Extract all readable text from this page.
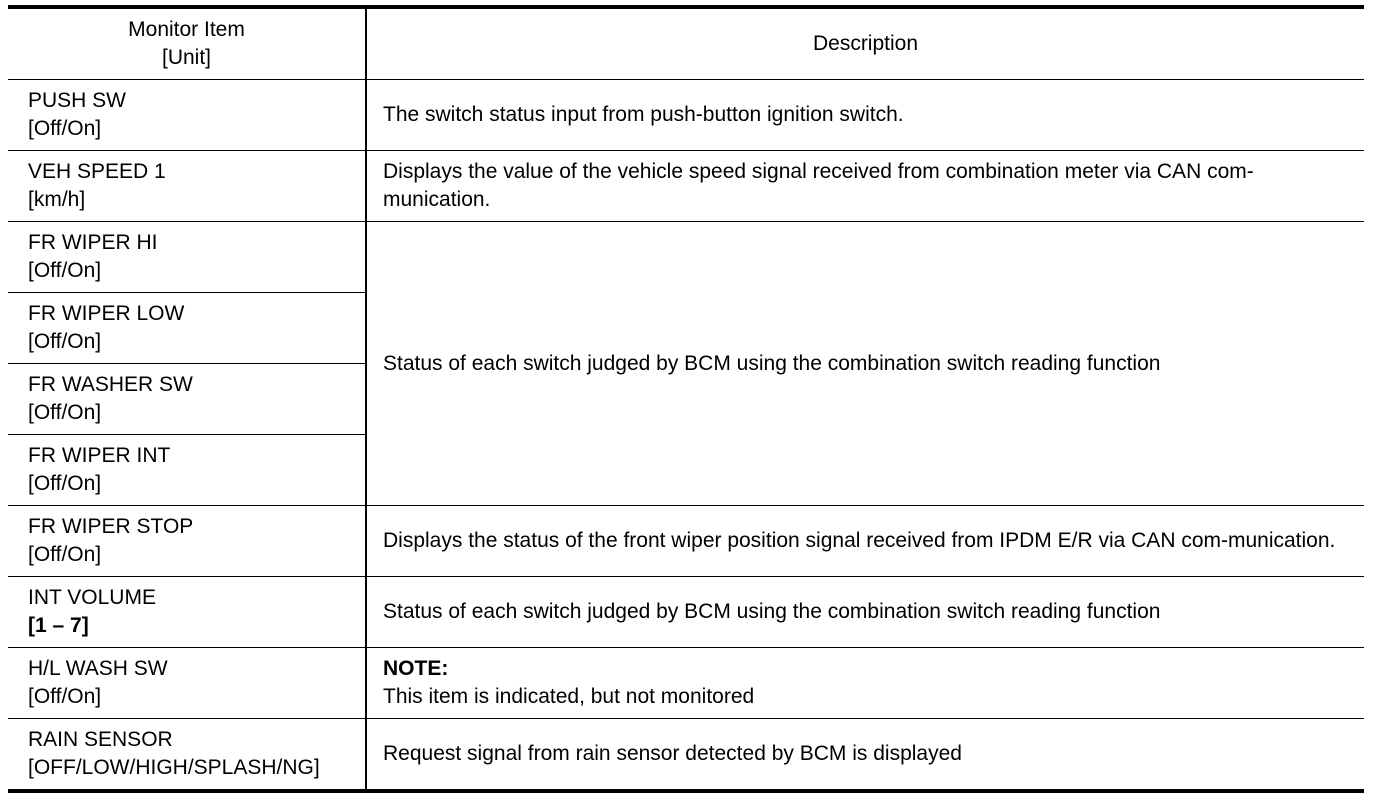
Monitor Item
[Unit]	Description

PUSH SW
[Off/On]	The switch status input from push-button ignition switch.

VEH SPEED 1
[km/h]	Displays the value of the vehicle speed signal received from combination meter via CAN com-munication.

FR WIPER HI
[Off/On]	Status of each switch judged by BCM using the combination switch reading function

FR WIPER LOW
[Off/On]	

FR WASHER SW
[Off/On]	

FR WIPER INT
[Off/On]	

FR WIPER STOP
[Off/On]	Displays the status of the front wiper position signal received from IPDM E/R via CAN com-munication.

INT VOLUME
[1 – 7]	Status of each switch judged by BCM using the combination switch reading function

H/L WASH SW
[Off/On]	NOTE:
This item is indicated, but not monitored

RAIN SENSOR
[OFF/LOW/HIGH/SPLASH/NG]	Request signal from rain sensor detected by BCM is displayed
